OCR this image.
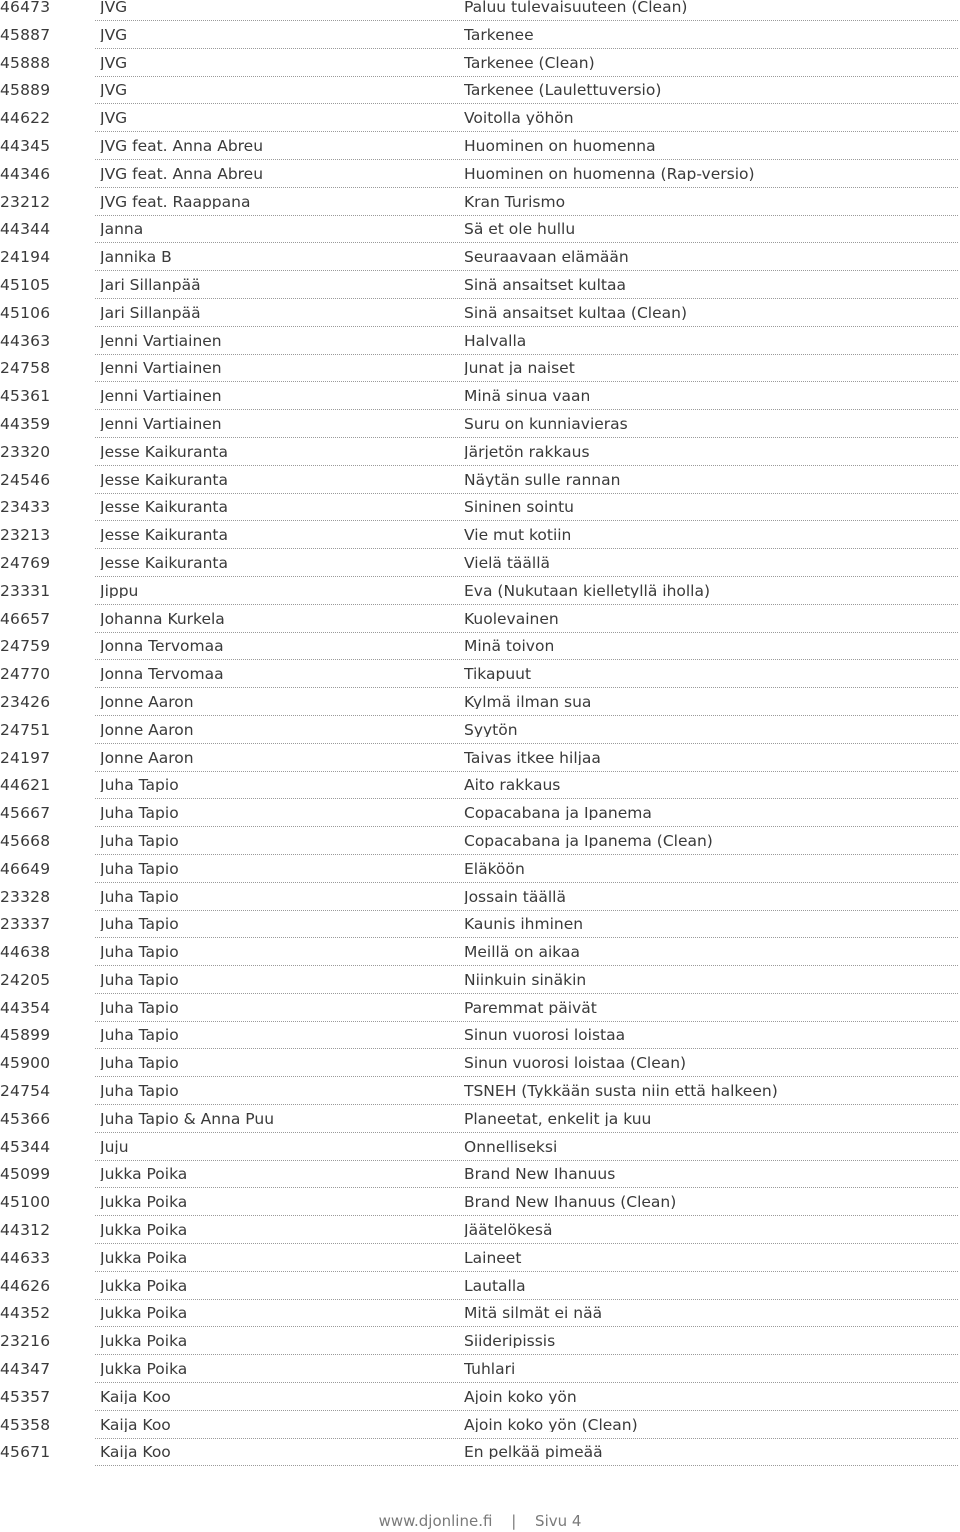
46473	JVG	Paluu tulevaisuuteen (Clean)
45887	JVG	Tarkenee
45888	JVG	Tarkenee (Clean)
45889	JVG	Tarkenee (Laulettuversio)
44622	JVG	Voitolla yöhön
44345	JVG feat. Anna Abreu	Huominen on huomenna
44346	JVG feat. Anna Abreu	Huominen on huomenna (Rap-versio)
23212	JVG feat. Raappana	Kran Turismo
44344	Janna	Sä et ole hullu
24194	Jannika B	Seuraavaan elämään
45105	Jari Sillanpää	Sinä ansaitset kultaa
45106	Jari Sillanpää	Sinä ansaitset kultaa (Clean)
44363	Jenni Vartiainen	Halvalla
24758	Jenni Vartiainen	Junat ja naiset
45361	Jenni Vartiainen	Minä sinua vaan
44359	Jenni Vartiainen	Suru on kunniavieras
23320	Jesse Kaikuranta	Järjetön rakkaus
24546	Jesse Kaikuranta	Näytän sulle rannan
23433	Jesse Kaikuranta	Sininen sointu
23213	Jesse Kaikuranta	Vie mut kotiin
24769	Jesse Kaikuranta	Vielä täällä
23331	Jippu	Eva (Nukutaan kielletyllä iholla)
46657	Johanna Kurkela	Kuolevainen
24759	Jonna Tervomaa	Minä toivon
24770	Jonna Tervomaa	Tikapuut
23426	Jonne Aaron	Kylmä ilman sua
24751	Jonne Aaron	Syytön
24197	Jonne Aaron	Taivas itkee hiljaa
44621	Juha Tapio	Aito rakkaus
45667	Juha Tapio	Copacabana ja Ipanema
45668	Juha Tapio	Copacabana ja Ipanema (Clean)
46649	Juha Tapio	Eläköön
23328	Juha Tapio	Jossain täällä
23337	Juha Tapio	Kaunis ihminen
44638	Juha Tapio	Meillä on aikaa
24205	Juha Tapio	Niinkuin sinäkin
44354	Juha Tapio	Paremmat päivät
45899	Juha Tapio	Sinun vuorosi loistaa
45900	Juha Tapio	Sinun vuorosi loistaa (Clean)
24754	Juha Tapio	TSNEH (Tykkään susta niin että halkeen)
45366	Juha Tapio & Anna Puu	Planeetat, enkelit ja kuu
45344	Juju	Onnelliseksi
45099	Jukka Poika	Brand New Ihanuus
45100	Jukka Poika	Brand New Ihanuus (Clean)
44312	Jukka Poika	Jäätelökesä
44633	Jukka Poika	Laineet
44626	Jukka Poika	Lautalla
44352	Jukka Poika	Mitä silmät ei nää
23216	Jukka Poika	Siideripissis
44347	Jukka Poika	Tuhlari
45357	Kaija Koo	Ajoin koko yön
45358	Kaija Koo	Ajoin koko yön (Clean)
45671	Kaija Koo	En pelkää pimeää
www.djonline.fi | Sivu 4
